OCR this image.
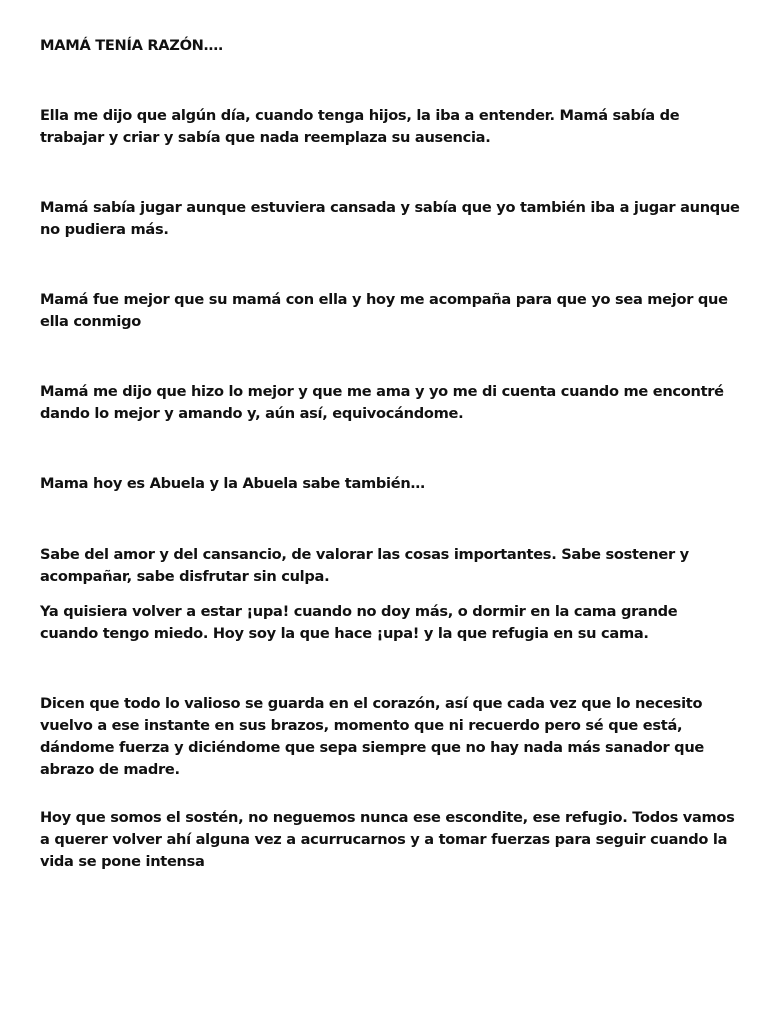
MAMÁ TENÍA RAZÓN….

Ella me dijo que algún día, cuando tenga hijos, la iba a entender. Mamá sabía de trabajar y criar y sabía que nada reemplaza su ausencia.

Mamá sabía jugar aunque estuviera cansada y sabía que yo también iba a jugar aunque no pudiera más.

Mamá fue mejor que su mamá con ella y hoy me acompaña para que yo sea mejor que ella conmigo

Mamá me dijo que hizo lo mejor y que me ama y yo me di cuenta cuando me encontré dando lo mejor y amando y, aún así, equivocándome.

Mama hoy es Abuela y la Abuela sabe también…

Sabe del amor y del cansancio, de valorar las cosas importantes. Sabe sostener y acompañar, sabe disfrutar sin culpa.

Ya quisiera volver a estar ¡upa! cuando no doy más, o dormir en la cama grande cuando tengo miedo. Hoy soy la que hace ¡upa! y la que refugia en su cama.

Dicen que todo lo valioso se guarda en el corazón, así que cada vez que lo necesito vuelvo a ese instante en sus brazos, momento que ni recuerdo pero sé que está, dándome fuerza y diciéndome que sepa siempre que no hay nada más sanador que abrazo de madre.

Hoy que somos el sostén, no neguemos nunca ese escondite, ese refugio. Todos vamos a querer volver ahí alguna vez a acurrucarnos y a tomar fuerzas para seguir cuando la vida se pone intensa
